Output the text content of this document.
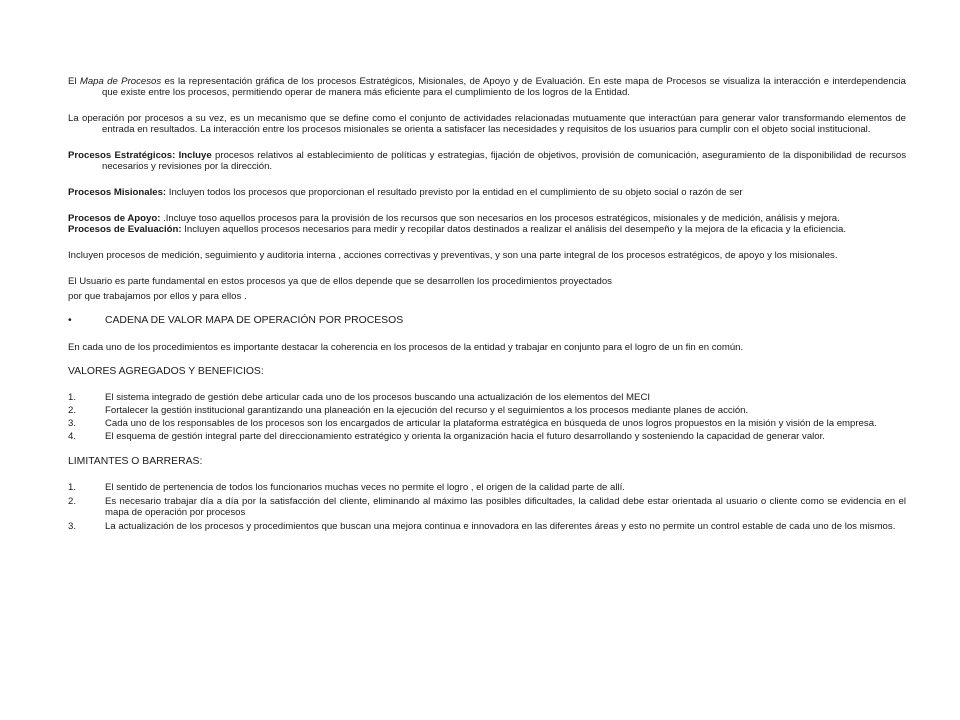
El Mapa de Procesos es la representación gráfica de los procesos Estratégicos, Misionales, de Apoyo y de Evaluación. En este mapa de Procesos se visualiza la interacción e interdependencia que existe entre los procesos, permitiendo operar de manera más eficiente para el cumplimiento de los logros de la Entidad.

La operación por procesos a su vez, es un mecanismo que se define como el conjunto de actividades relacionadas mutuamente que interactúan para generar valor transformando elementos de entrada en resultados. La interacción entre los procesos misionales se orienta a satisfacer las necesidades y requisitos de los usuarios para cumplir con el objeto social institucional.

Procesos Estratégicos: Incluye procesos relativos al establecimiento de políticas y estrategias, fijación de objetivos, provisión de comunicación, aseguramiento de la disponibilidad de recursos necesarios y revisiones por la dirección.

Procesos Misionales: Incluyen todos los procesos que proporcionan el resultado previsto por la entidad en el cumplimiento de su objeto social o razón de ser

Procesos de Apoyo: .Incluye toso aquellos procesos para la provisión de los recursos que son necesarios en los procesos estratégicos, misionales y de medición, análisis y mejora.

Procesos de Evaluación: Incluyen aquellos procesos necesarios para medir y recopilar datos destinados a realizar el análisis del desempeño y la mejora de la eficacia y la eficiencia.

Incluyen procesos de medición, seguimiento y auditoria interna , acciones correctivas y preventivas, y son una parte integral de los procesos estratégicos, de apoyo y los misionales.

El Usuario es parte fundamental en estos procesos ya que de ellos depende que se desarrollen los procedimientos proyectados

por que trabajamos por ellos y para ellos .

•	CADENA DE VALOR MAPA DE OPERACIÓN POR PROCESOS

En cada uno de los procedimientos es importante destacar la coherencia en los procesos de la entidad y trabajar en conjunto para el logro de un fin en común.

VALORES AGREGADOS Y BENEFICIOS:

1.	El sistema integrado de gestión debe articular cada uno de los procesos buscando una actualización de los elementos del MECI
2.	Fortalecer la gestión institucional garantizando una planeación en la ejecución del recurso y el seguimientos a los procesos mediante planes de acción.
3.	Cada uno de los responsables de los procesos son los encargados de articular la plataforma estratégica en búsqueda de unos logros propuestos en la misión y visión de la empresa.
4.	El esquema de gestión integral parte del direccionamiento estratégico y orienta la organización hacia el futuro desarrollando y sosteniendo la capacidad de generar valor.

LIMITANTES O BARRERAS:

1.	El sentido de pertenencia de todos los funcionarios muchas veces no permite el logro , el origen de la calidad parte de allí.
2.	Es necesario trabajar día a día por la satisfacción del cliente, eliminando al máximo las posibles dificultades, la calidad debe estar orientada al usuario o cliente como se evidencia en el mapa de operación por procesos
3.	La actualización de los procesos y procedimientos que buscan una mejora continua e innovadora en las diferentes áreas y esto no permite un control estable de cada uno de los mismos.
